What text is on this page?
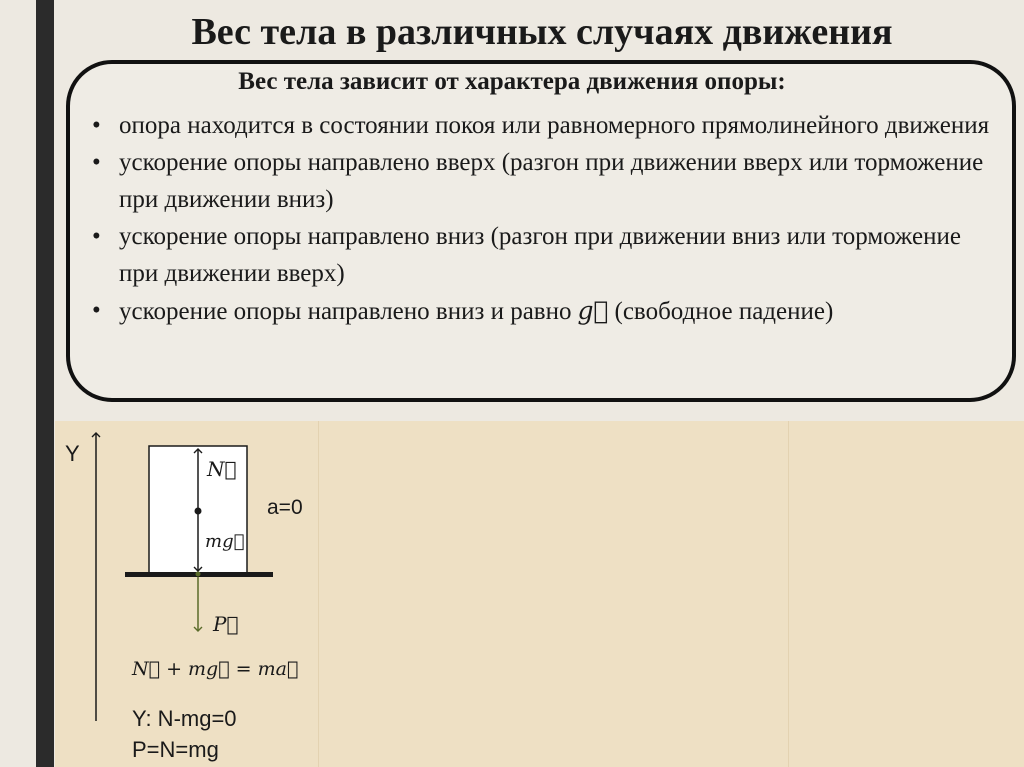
Вес тела в различных случаях движения
Вес тела зависит от характера движения опоры:
• опора находится в состоянии покоя или равномерного прямолинейного движения
• ускорение опоры направлено вверх (разгон при движении вверх или торможение при движении вниз)
• ускорение опоры направлено вниз (разгон при движении вниз или торможение при движении вверх)
• ускорение опоры направлено вниз и равно g⃗ (свободное падение)
Y
N⃗
mg⃗
P⃗
a=0
N⃗ + mg⃗ = ma⃗
Y: N-mg=0
P=N=mg
